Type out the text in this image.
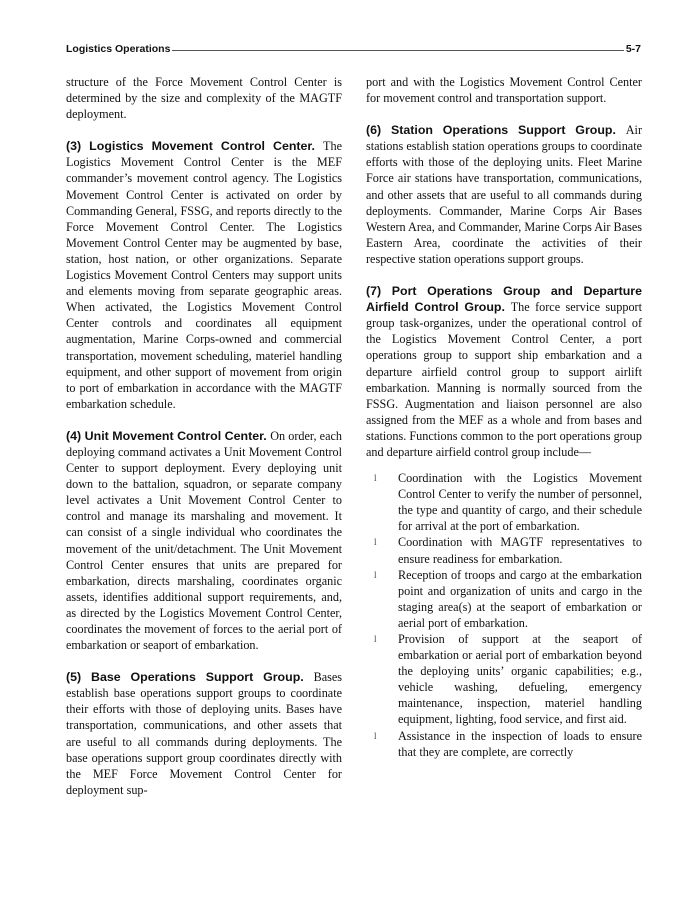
Logistics Operations	5-7

structure of the Force Movement Control Center is determined by the size and complexity of the MAGTF deployment.

(3) Logistics Movement Control Center. The Logistics Movement Control Center is the MEF commander’s movement control agency. The Logistics Movement Control Center is activated on order by Commanding General, FSSG, and reports directly to the Force Movement Control Center. The Logistics Movement Control Center may be augmented by base, station, host nation, or other organizations. Separate Logistics Movement Control Centers may support units and elements moving from separate geographic areas. When activated, the Logistics Movement Control Center controls and coordinates all equipment augmentation, Marine Corps-owned and commercial transportation, movement scheduling, materiel handling equipment, and other support of movement from origin to port of embarkation in accordance with the MAGTF embarkation schedule.

(4) Unit Movement Control Center. On order, each deploying command activates a Unit Movement Control Center to support deployment. Every deploying unit down to the battalion, squadron, or separate company level activates a Unit Movement Control Center to control and manage its marshaling and movement. It can consist of a single individual who coordinates the movement of the unit/detachment. The Unit Movement Control Center ensures that units are prepared for embarkation, directs marshaling, coordinates organic assets, identifies additional support requirements, and, as directed by the Logistics Movement Control Center, coordinates the movement of forces to the aerial port of embarkation or seaport of embarkation.

(5) Base Operations Support Group. Bases establish base operations support groups to coordinate their efforts with those of deploying units. Bases have transportation, communications, and other assets that are useful to all commands during deployments. The base operations support group coordinates directly with the MEF Force Movement Control Center for deployment sup-

port and with the Logistics Movement Control Center for movement control and transportation support.

(6) Station Operations Support Group. Air stations establish station operations groups to coordinate efforts with those of the deploying units. Fleet Marine Force air stations have transportation, communications, and other assets that are useful to all commands during deployments. Commander, Marine Corps Air Bases Western Area, and Commander, Marine Corps Air Bases Eastern Area, coordinate the activities of their respective station operations support groups.

(7) Port Operations Group and Departure Airfield Control Group. The force service support group task-organizes, under the operational control of the Logistics Movement Control Center, a port operations group to support ship embarkation and a departure airfield control group to support airlift embarkation. Manning is normally sourced from the FSSG. Augmentation and liaison personnel are also assigned from the MEF as a whole and from bases and stations. Functions common to the port operations group and departure airfield control group include—

l Coordination with the Logistics Movement Control Center to verify the number of personnel, the type and quantity of cargo, and their schedule for arrival at the port of embarkation.
l Coordination with MAGTF representatives to ensure readiness for embarkation.
l Reception of troops and cargo at the embarkation point and organization of units and cargo in the staging area(s) at the seaport of embarkation or aerial port of embarkation.
l Provision of support at the seaport of embarkation or aerial port of embarkation beyond the deploying units’ organic capabilities; e.g., vehicle washing, defueling, emergency maintenance, inspection, materiel handling equipment, lighting, food service, and first aid.
l Assistance in the inspection of loads to ensure that they are complete, are correctly
